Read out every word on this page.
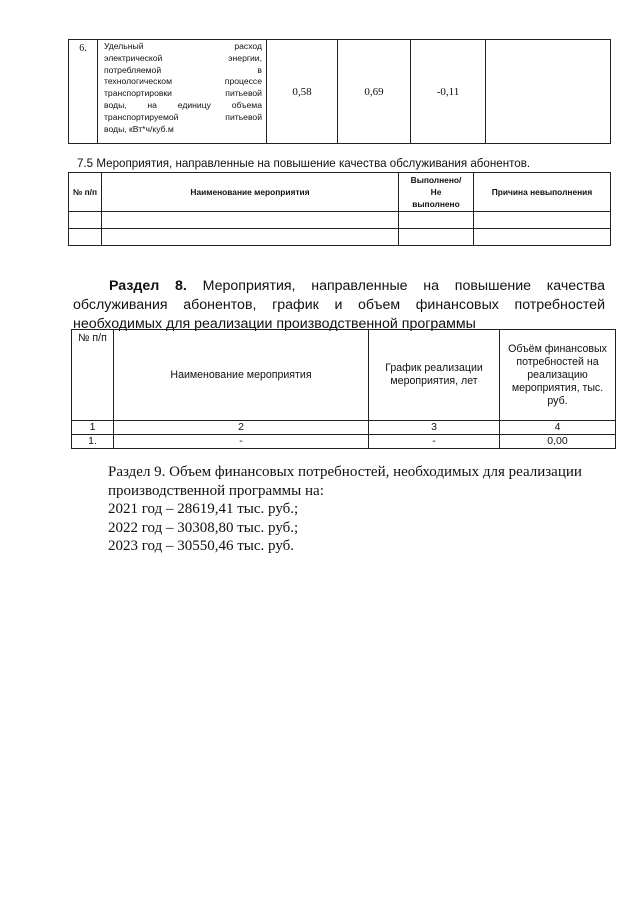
6.	Удельный расход
электрической энергии,
потребляемой в
технологическом процессе
транспортировки питьевой
воды, на единицу объема
транспортируемой питьевой

воды, кВт*ч/куб.м
	0,58	0,69	-0,11	
7.5 Мероприятия, направленные на повышение качества обслуживания абонентов.
№ п/п	Наименование мероприятия	Выполнено/
Не
выполнено	Причина невыполнения

Раздел 8. Мероприятия, направленные на повышение качества обслуживания абонентов, график и объем финансовых потребностей необходимых для реализации производственной программы
№ п/п	Наименование мероприятия	График реализации мероприятия, лет	Объём финансовых потребностей на реализацию мероприятия, тыс. руб.
1	2	3	4
1.	-	-	0,00
Раздел 9. Объем финансовых потребностей, необходимых для реализации производственной программы на:
2021 год – 28619,41 тыс. руб.;
2022 год – 30308,80 тыс. руб.;
2023 год – 30550,46 тыс. руб.
